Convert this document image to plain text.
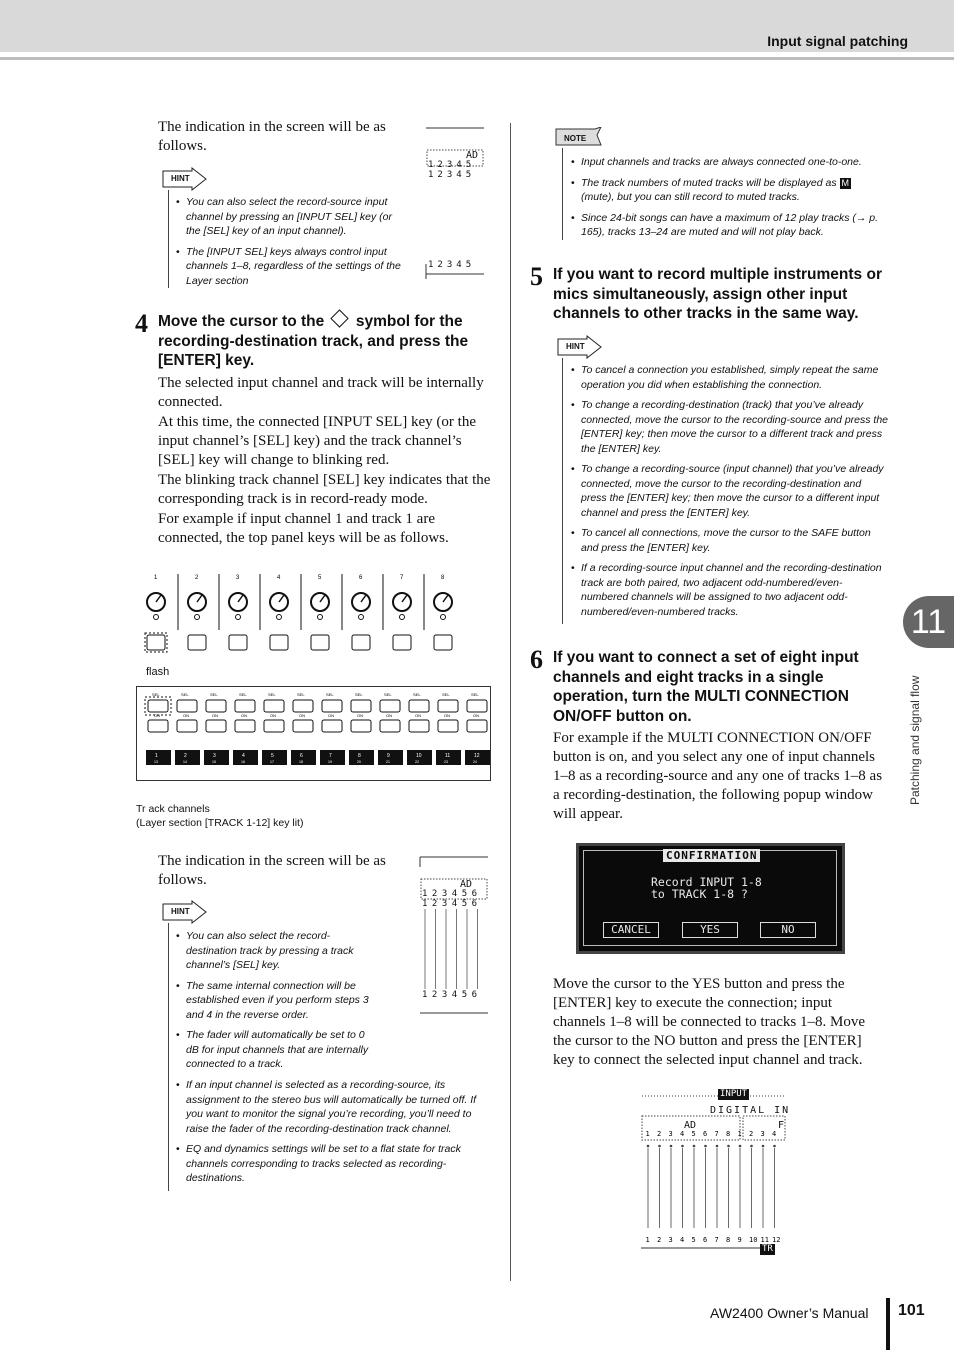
Input signal patching
The indication in the screen will be as follows.
AD
12345
12345
12345
HINT
• You can also select the record-source input channel by pressing an [INPUT SEL] key (or the [SEL] key of an input channel).
• The [INPUT SEL] keys always control input channels 1–8, regardless of the settings of the Layer section
4 Move the cursor to the symbol for the recording-destination track, and press the [ENTER] key.

The selected input channel and track will be internally connected.

At this time, the connected [INPUT SEL] key (or the input channel’s [SEL] key) and the track channel’s [SEL] key will change to blinking red.

The blinking track channel [SEL] key indicates that the corresponding track is in record-ready mode.

For example if input channel 1 and track 1 are connected, the top panel keys will be as follows.

1	2	3	4	5	6	7	8
flash
SEL
ON
1
13
SEL
ON
2
14
SEL
ON
3
15
SEL
ON
4
16
SEL
ON
5
17
SEL
ON
6
18
SEL
ON
7
19
SEL
ON
8
20
SEL
ON
9
21
SEL
ON
10
22
SEL
ON
11
23
SEL
ON
12
24
Tr ack channels
(Layer section [TRACK 1-12] key lit)
The indication in the screen will be as follows.	AD
123456
123456
123456
HINT
• You can also select the record-destination track by pressing a track channel’s [SEL] key.
• The same internal connection will be established even if you perform steps 3 and 4 in the reverse order.
• The fader will automatically be set to 0 dB for input channels that are internally connected to a track.
• If an input channel is selected as a recording-source, its assignment to the stereo bus will automatically be turned off. If you want to monitor the signal you’re recording, you’ll need to raise the fader of the recording-destination track channel.
• EQ and dynamics settings will be set to a flat state for track channels corresponding to tracks selected as recording-destinations.
NOTE
• Input channels and tracks are always connected one-to-one.
• The track numbers of muted tracks will be displayed as M (mute), but you can still record to muted tracks.
• Since 24-bit songs can have a maximum of 12 play tracks (→ p. 165), tracks 13–24 are muted and will not play back.
5 If you want to record multiple instruments or mics simultaneously, assign other input channels to other tracks in the same way.
HINT
• To cancel a connection you established, simply repeat the same operation you did when establishing the connection.
• To change a recording-destination (track) that you’ve already connected, move the cursor to the recording-source and press the [ENTER] key; then move the cursor to a different track and press the [ENTER] key.
• To change a recording-source (input channel) that you’ve already connected, move the cursor to the recording-destination and press the [ENTER] key; then move the cursor to a different input channel and press the [ENTER] key.
• To cancel all connections, move the cursor to the SAFE button and press the [ENTER] key.
• If a recording-source input channel and the recording-destination track are both paired, two adjacent odd-numbered/even-numbered channels will be assigned to two adjacent odd-numbered/even-numbered tracks.
6 If you want to connect a set of eight input channels and eight tracks in a single operation, turn the MULTI CONNECTION ON/OFF button on.
For example if the MULTI CONNECTION ON/OFF button is on, and you select any one of input channels 1–8 as a recording-source and any one of tracks 1–8 as a recording-destination, the following popup window will appear.
CONFIRMATION
Record INPUT 1-8
to TRACK 1-8 ?
CANCEL	YES	NO
Move the cursor to the YES button and press the [ENTER] key to execute the connection; input channels 1–8 will be connected to tracks 1–8. Move the cursor to the NO button and press the [ENTER] key to connect the selected input channel and track.
1
1
2
2
3
3
4
4
5
5
6
6
7
7
8
8
1
9
2
10
3
11
4
12
INPUT
DIGITAL IN
AD	F
TR
11
Patching and signal flow
AW2400 Owner’s Manual 101
